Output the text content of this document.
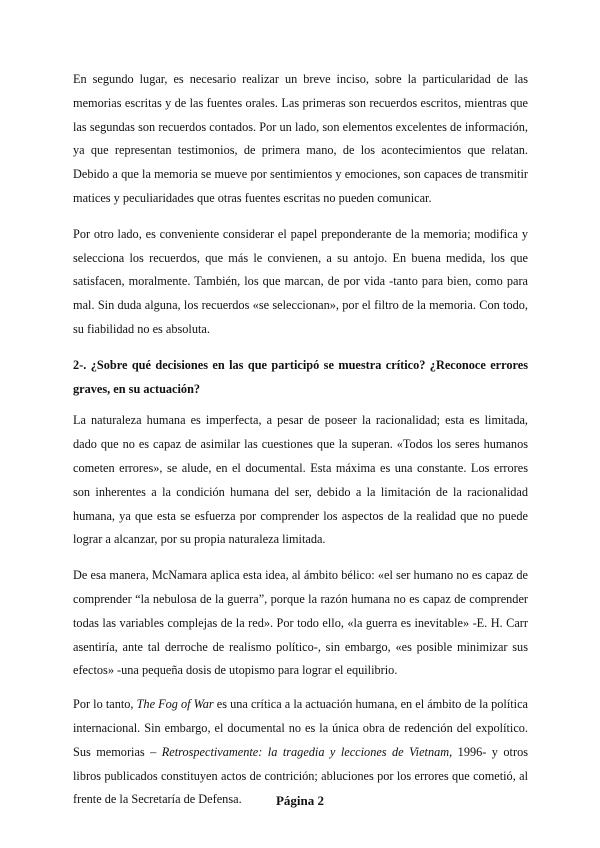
En segundo lugar, es necesario realizar un breve inciso, sobre la particularidad de las memorias escritas y de las fuentes orales. Las primeras son recuerdos escritos, mientras que las segundas son recuerdos contados. Por un lado, son elementos excelentes de información, ya que representan testimonios, de primera mano, de los acontecimientos que relatan. Debido a que la memoria se mueve por sentimientos y emociones, son capaces de transmitir matices y peculiaridades que otras fuentes escritas no pueden comunicar.

Por otro lado, es conveniente considerar el papel preponderante de la memoria; modifica y selecciona los recuerdos, que más le convienen, a su antojo. En buena medida, los que satisfacen, moralmente. También, los que marcan, de por vida -tanto para bien, como para mal. Sin duda alguna, los recuerdos «se seleccionan», por el filtro de la memoria. Con todo, su fiabilidad no es absoluta.

2-. ¿Sobre qué decisiones en las que participó se muestra crítico? ¿Reconoce errores graves, en su actuación?

La naturaleza humana es imperfecta, a pesar de poseer la racionalidad; esta es limitada, dado que no es capaz de asimilar las cuestiones que la superan. «Todos los seres humanos cometen errores», se alude, en el documental. Esta máxima es una constante. Los errores son inherentes a la condición humana del ser, debido a la limitación de la racionalidad humana, ya que esta se esfuerza por comprender los aspectos de la realidad que no puede lograr a alcanzar, por su propia naturaleza limitada.

De esa manera, McNamara aplica esta idea, al ámbito bélico: «el ser humano no es capaz de comprender “la nebulosa de la guerra”, porque la razón humana no es capaz de comprender todas las variables complejas de la red». Por todo ello, «la guerra es inevitable» -E. H. Carr asentiría, ante tal derroche de realismo político-, sin embargo, «es posible minimizar sus efectos» -una pequeña dosis de utopismo para lograr el equilibrio.

Por lo tanto, The Fog of War es una crítica a la actuación humana, en el ámbito de la política internacional. Sin embargo, el documental no es la única obra de redención del expolítico. Sus memorias – Retrospectivamente: la tragedia y lecciones de Vietnam, 1996- y otros libros publicados constituyen actos de contrición; abluciones por los errores que cometió, al frente de la Secretaría de Defensa.	Página 2
